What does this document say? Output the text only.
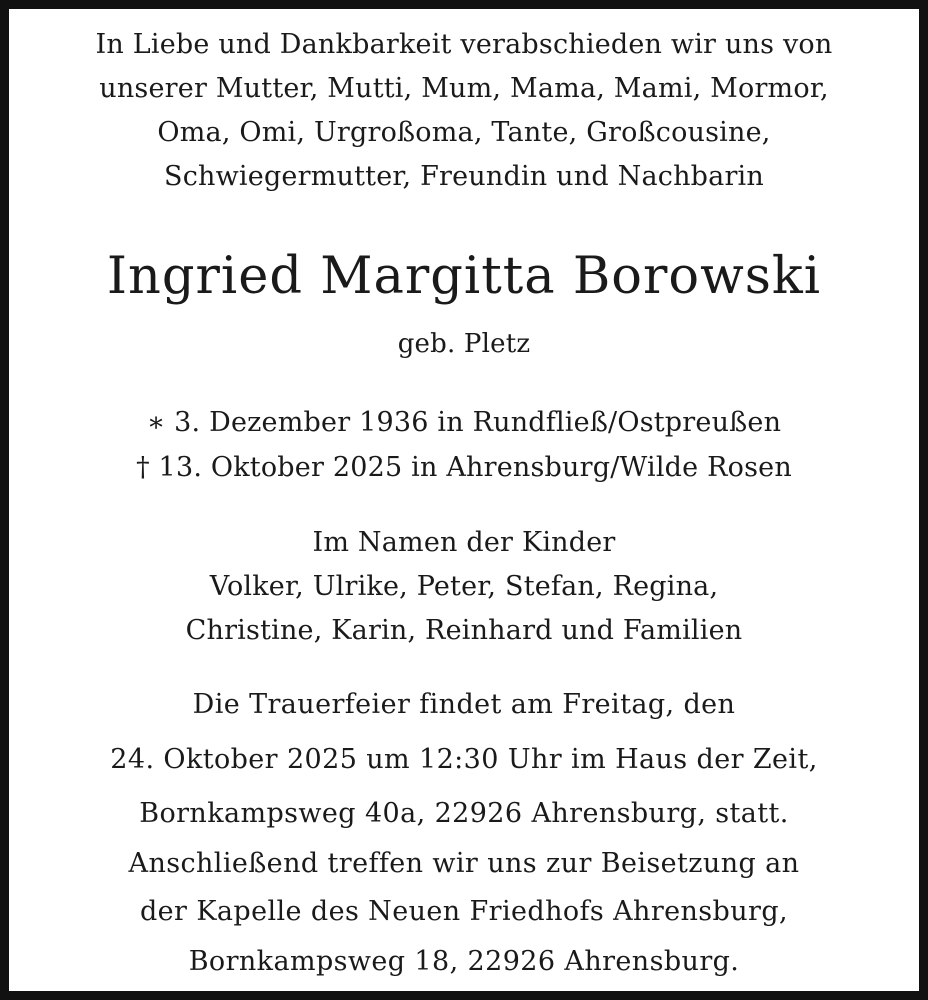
In Liebe und Dankbarkeit verabschieden wir uns von
unserer Mutter, Mutti, Mum, Mama, Mami, Mormor,
Oma, Omi, Urgroßoma, Tante, Großcousine,
Schwiegermutter, Freundin und Nachbarin
Ingried Margitta Borowski
geb. Pletz
∗ 3. Dezember 1936 in Rundfließ/Ostpreußen
† 13. Oktober 2025 in Ahrensburg/Wilde Rosen
Im Namen der Kinder
Volker, Ulrike, Peter, Stefan, Regina,
Christine, Karin, Reinhard und Familien
Die Trauerfeier findet am Freitag, den
24. Oktober 2025 um 12:30 Uhr im Haus der Zeit,
Bornkampsweg 40a, 22926 Ahrensburg, statt.
Anschließend treffen wir uns zur Beisetzung an
der Kapelle des Neuen Friedhofs Ahrensburg,
Bornkampsweg 18, 22926 Ahrensburg.
